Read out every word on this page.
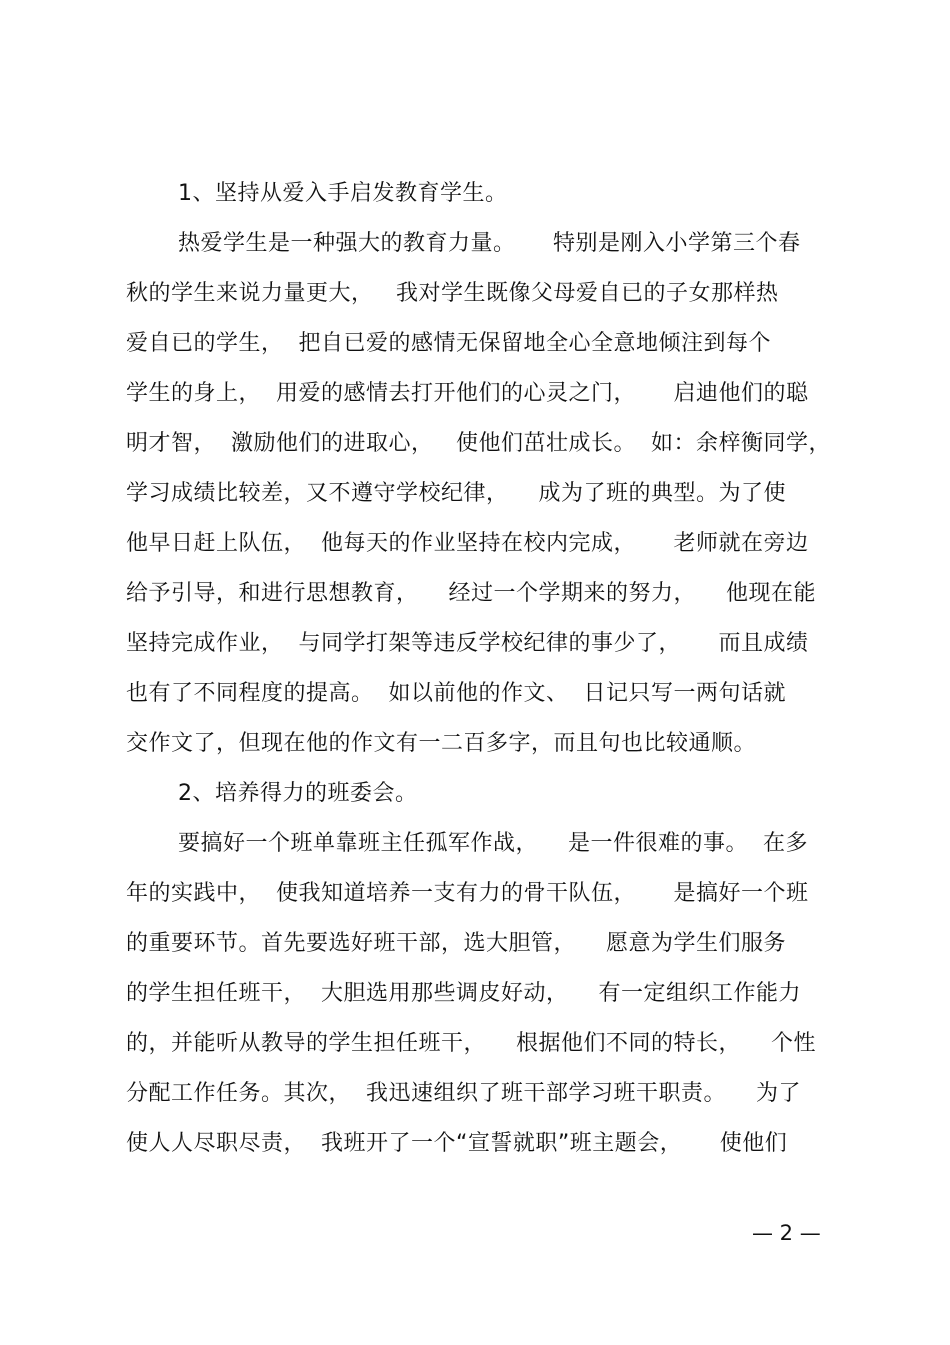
1、坚持从爱入手启发教育学生。
热爱学生是一种强大的教育力量。     特别是刚入小学第三个春
秋的学生来说力量更大，   我对学生既像父母爱自已的子女那样热
爱自已的学生，  把自已爱的感情无保留地全心全意地倾注到每个
学生的身上，  用爱的感情去打开他们的心灵之门，     启迪他们的聪
明才智，  激励他们的进取心，   使他们茁壮成长。  如：余梓衡同学，
学习成绩比较差，又不遵守学校纪律，    成为了班的典型。为了使
他早日赶上队伍，  他每天的作业坚持在校内完成，     老师就在旁边
给予引导，和进行思想教育，    经过一个学期来的努力，    他现在能
坚持完成作业，  与同学打架等违反学校纪律的事少了，     而且成绩
也有了不同程度的提高。  如以前他的作文、  日记只写一两句话就
交作文了，但现在他的作文有一二百多字，而且句也比较通顺。
2、培养得力的班委会。
要搞好一个班单靠班主任孤军作战，    是一件很难的事。  在多
年的实践中，  使我知道培养一支有力的骨干队伍，     是搞好一个班
的重要环节。首先要选好班干部，选大胆管，    愿意为学生们服务
的学生担任班干，  大胆选用那些调皮好动，    有一定组织工作能力
的，并能听从教导的学生担任班干，    根据他们不同的特长，    个性
分配工作任务。其次，  我迅速组织了班干部学习班干职责。    为了
使人人尽职尽责，  我班开了一个“宣誓就职”班主题会，     使他们
— 2 —
